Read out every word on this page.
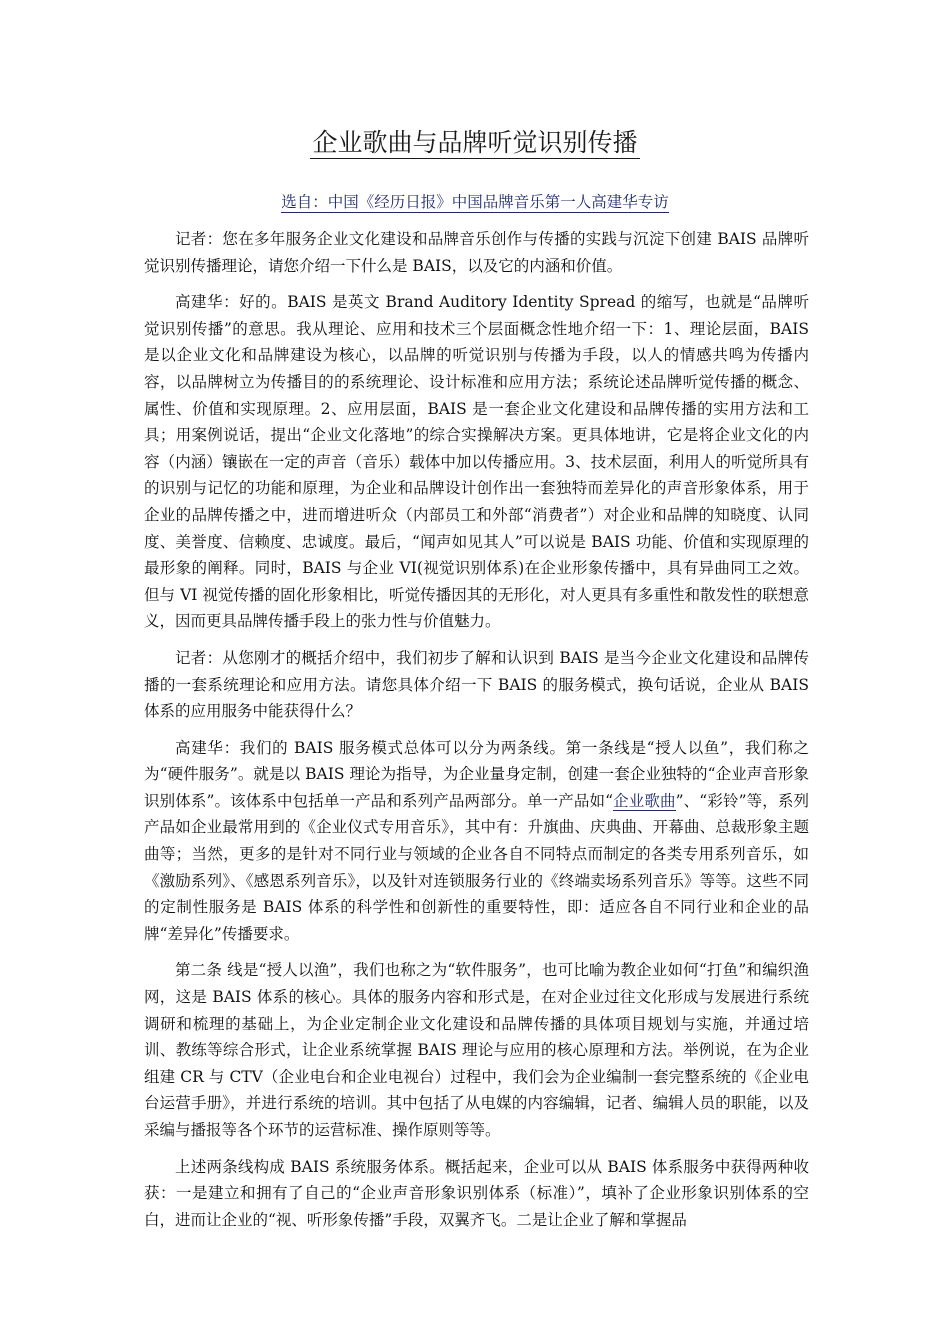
企业歌曲与品牌听觉识别传播
选自：中国《经历日报》中国品牌音乐第一人高建华专访

记者：您在多年服务企业文化建设和品牌音乐创作与传播的实践与沉淀下创建 BAIS 品牌听觉识别传播理论，请您介绍一下什么是 BAIS，以及它的内涵和价值。

高建华：好的。BAIS 是英文 Brand Auditory Identity Spread 的缩写，也就是“品牌听觉识别传播”的意思。我从理论、应用和技术三个层面概念性地介绍一下：1、理论层面，BAIS 是以企业文化和品牌建设为核心，以品牌的听觉识别与传播为手段，以人的情感共鸣为传播内容，以品牌树立为传播目的的系统理论、设计标准和应用方法；系统论述品牌听觉传播的概念、属性、价值和实现原理。2、应用层面，BAIS 是一套企业文化建设和品牌传播的实用方法和工具；用案例说话，提出“企业文化落地”的综合实操解决方案。更具体地讲，它是将企业文化的内容（内涵）镶嵌在一定的声音（音乐）载体中加以传播应用。3、技术层面，利用人的听觉所具有的识别与记忆的功能和原理，为企业和品牌设计创作出一套独特而差异化的声音形象体系，用于企业的品牌传播之中，进而增进听众（内部员工和外部“消费者”）对企业和品牌的知晓度、认同度、美誉度、信赖度、忠诚度。最后，“闻声如见其人”可以说是 BAIS 功能、价值和实现原理的最形象的阐释。同时，BAIS 与企业 VI(视觉识别体系)在企业形象传播中，具有异曲同工之效。但与 VI 视觉传播的固化形象相比，听觉传播因其的无形化，对人更具有多重性和散发性的联想意义，因而更具品牌传播手段上的张力性与价值魅力。

记者：从您刚才的概括介绍中，我们初步了解和认识到 BAIS 是当今企业文化建设和品牌传播的一套系统理论和应用方法。请您具体介绍一下 BAIS 的服务模式，换句话说，企业从 BAIS 体系的应用服务中能获得什么？

高建华：我们的 BAIS 服务模式总体可以分为两条线。第一条线是“授人以鱼”，我们称之为“硬件服务”。就是以 BAIS 理论为指导，为企业量身定制，创建一套企业独特的“企业声音形象识别体系”。该体系中包括单一产品和系列产品两部分。单一产品如“企业歌曲”、“彩铃”等，系列产品如企业最常用到的《企业仪式专用音乐》，其中有：升旗曲、庆典曲、开幕曲、总裁形象主题曲等；当然，更多的是针对不同行业与领域的企业各自不同特点而制定的各类专用系列音乐，如《激励系列》、《感恩系列音乐》，以及针对连锁服务行业的《终端卖场系列音乐》等等。这些不同的定制性服务是 BAIS 体系的科学性和创新性的重要特性，即：适应各自不同行业和企业的品牌“差异化”传播要求。

第二条 线是“授人以渔”，我们也称之为“软件服务”，也可比喻为教企业如何“打鱼”和编织渔网，这是 BAIS 体系的核心。具体的服务内容和形式是，在对企业过往文化形成与发展进行系统调研和梳理的基础上，为企业定制企业文化建设和品牌传播的具体项目规划与实施，并通过培训、教练等综合形式，让企业系统掌握 BAIS 理论与应用的核心原理和方法。举例说，在为企业组建 CR 与 CTV（企业电台和企业电视台）过程中，我们会为企业编制一套完整系统的《企业电台运营手册》，并进行系统的培训。其中包括了从电媒的内容编辑，记者、编辑人员的职能，以及采编与播报等各个环节的运营标准、操作原则等等。

上述两条线构成 BAIS 系统服务体系。概括起来，企业可以从 BAIS 体系服务中获得两种收获：一是建立和拥有了自己的“企业声音形象识别体系（标准）”，填补了企业形象识别体系的空白，进而让企业的“视、听形象传播”手段，双翼齐飞。二是让企业了解和掌握品
